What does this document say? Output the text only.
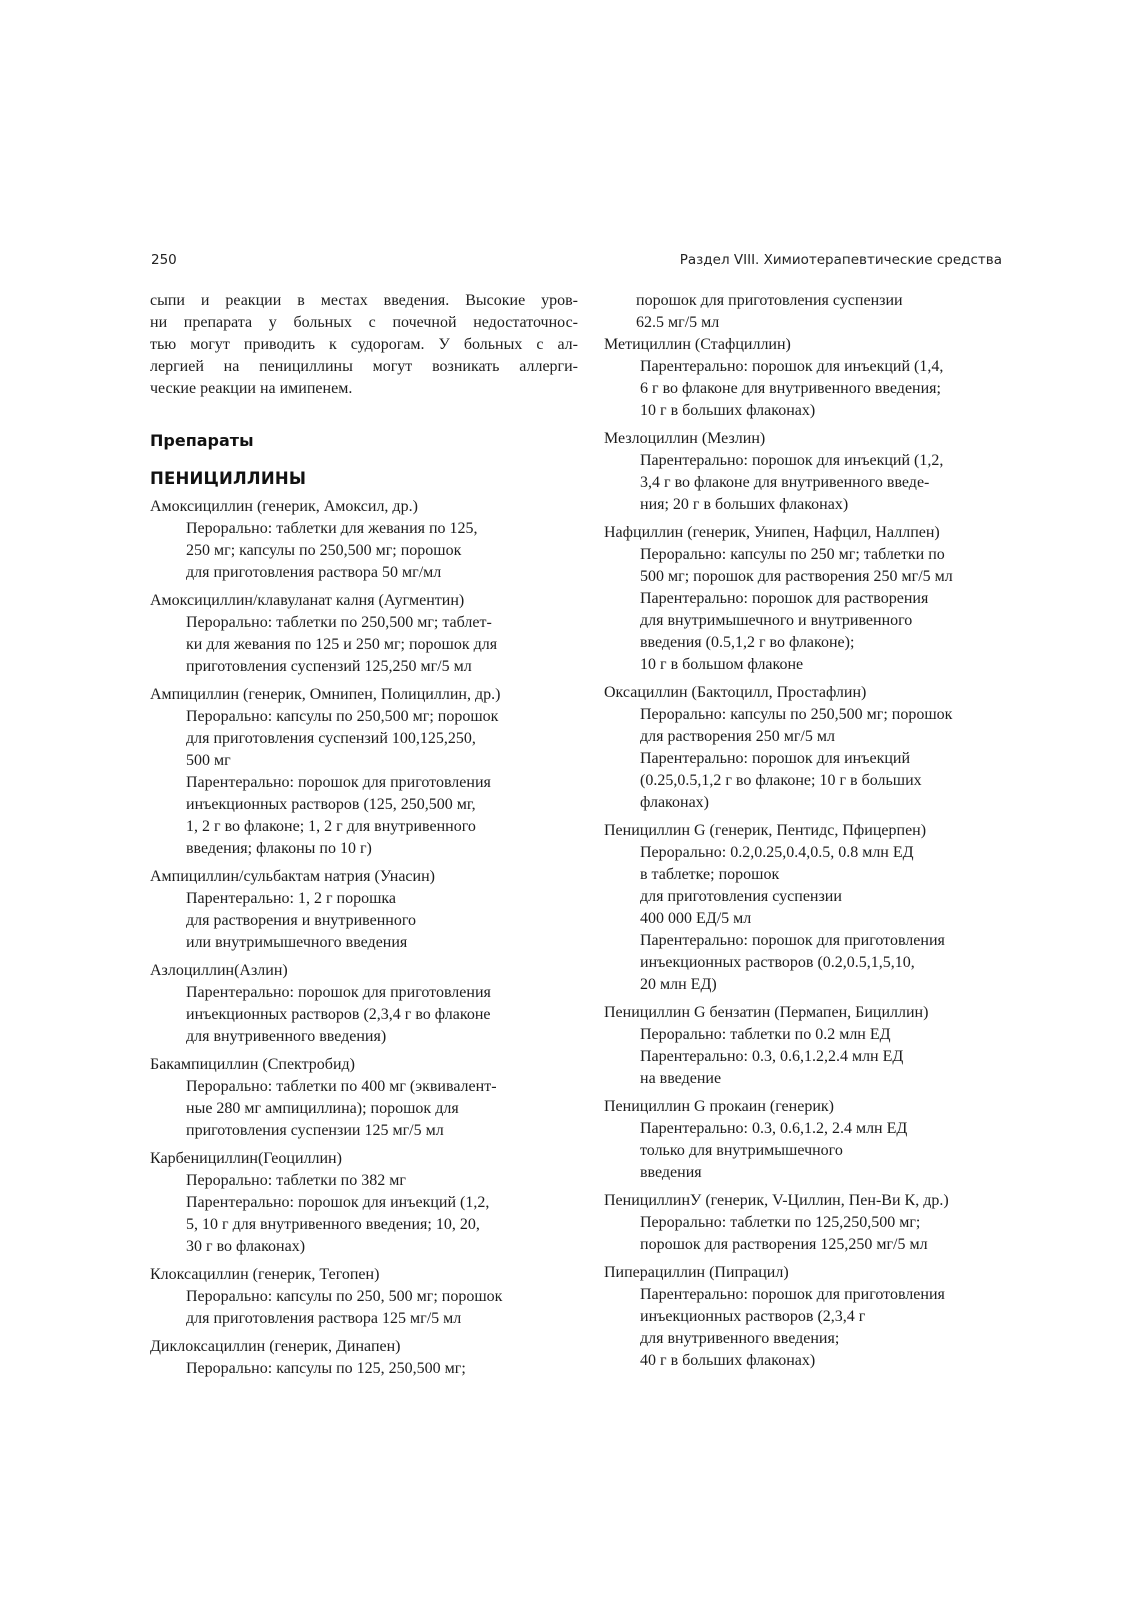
250	Раздел VIII. Химиотерапевтические средства

сыпи и реакции в местах введения. Высокие уров-
ни препарата у больных с почечной недостаточнос-
тью могут приводить к судорогам. У больных с ал-
лергией на пенициллины могут возникать аллерги-
ческие реакции на имипенем.

Препараты
ПЕНИЦИЛЛИНЫ
Амоксициллин (генерик, Амоксил, др.)
Перорально: таблетки для жевания по 125,
250 мг; капсулы по 250,500 мг; порошок
для приготовления раствора 50 мг/мл
Амоксициллин/клавуланат калня (Аугментин)
Перорально: таблетки по 250,500 мг; таблет-
ки для жевания по 125 и 250 мг; порошок для
приготовления суспензий 125,250 мг/5 мл
Ампициллин (генерик, Омнипен, Полициллин, др.)
Перорально: капсулы по 250,500 мг; порошок
для приготовления суспензий 100,125,250,
500 мг
Парентерально: порошок для приготовления
инъекционных растворов (125, 250,500 мг,
1, 2 г во флаконе; 1, 2 г для внутривенного
введения; флаконы по 10 г)
Ампициллин/сульбактам натрия (Унасин)
Парентерально: 1, 2 г порошка
для растворения и внутривенного
или внутримышечного введения
Азлоциллин(Азлин)
Парентерально: порошок для приготовления
инъекционных растворов (2,3,4 г во флаконе
для внутривенного введения)
Бакампициллин (Спектробид)
Перорально: таблетки по 400 мг (эквивалент-
ные 280 мг ампициллина); порошок для
приготовления суспензии 125 мг/5 мл
Карбенициллин(Геоциллин)
Перорально: таблетки по 382 мг
Парентерально: порошок для инъекций (1,2,
5, 10 г для внутривенного введения; 10, 20,
30 г во флаконах)
Клоксациллин (генерик, Тегопен)
Перорально: капсулы по 250, 500 мг; порошок
для приготовления раствора 125 мг/5 мл
Диклоксациллин (генерик, Динапен)
Перорально: капсулы по 125, 250,500 мг;
порошок для приготовления суспензии
62.5 мг/5 мл
Метициллин (Стафциллин)
Парентерально: порошок для инъекций (1,4,
6 г во флаконе для внутривенного введения;
10 г в больших флаконах)
Мезлоциллин (Мезлин)
Парентерально: порошок для инъекций (1,2,
3,4 г во флаконе для внутривенного введе-
ния; 20 г в больших флаконах)
Нафциллин (генерик, Унипен, Нафцил, Наллпен)
Перорально: капсулы по 250 мг; таблетки по
500 мг; порошок для растворения 250 мг/5 мл
Парентерально: порошок для растворения
для внутримышечного и внутривенного
введения (0.5,1,2 г во флаконе);
10 г в большом флаконе
Оксациллин (Бактоцилл, Простафлин)
Перорально: капсулы по 250,500 мг; порошок
для растворения 250 мг/5 мл
Парентерально: порошок для инъекций
(0.25,0.5,1,2 г во флаконе; 10 г в больших
флаконах)
Пенициллин G (генерик, Пентидс, Пфицерпен)
Перорально: 0.2,0.25,0.4,0.5, 0.8 млн ЕД
в таблетке; порошок
для приготовления суспензии
400 000 ЕД/5 мл
Парентерально: порошок для приготовления
инъекционных растворов (0.2,0.5,1,5,10,
20 млн ЕД)
Пенициллин G бензатин (Пермапен, Бициллин)
Перорально: таблетки по 0.2 млн ЕД
Парентерально: 0.3, 0.6,1.2,2.4 млн ЕД
на введение
Пенициллин G прокаин (генерик)
Парентерально: 0.3, 0.6,1.2, 2.4 млн ЕД
только для внутримышечного
введения
ПенициллинУ (генерик, V-Циллин, Пен-Ви К, др.)
Перорально: таблетки по 125,250,500 мг;
порошок для растворения 125,250 мг/5 мл
Пиперациллин (Пипрацил)
Парентерально: порошок для приготовления
инъекционных растворов (2,3,4 г
для внутривенного введения;
40 г в больших флаконах)
